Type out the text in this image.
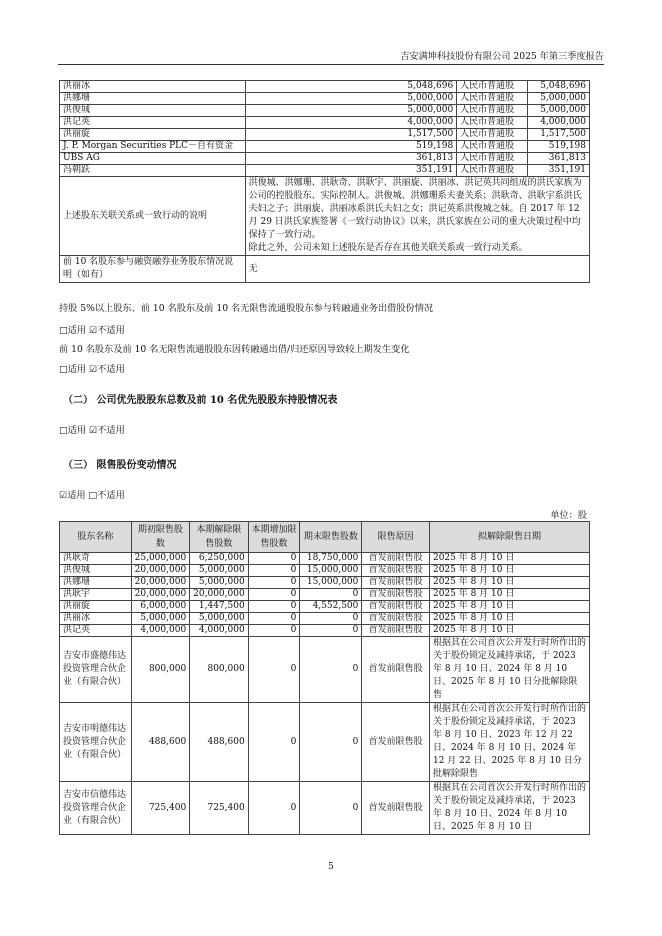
吉安满坤科技股份有限公司 2025 年第三季度报告
洪丽冰	5,048,696	人民币普通股	5,048,696
洪娜珊	5,000,000	人民币普通股	5,000,000
洪俊城	5,000,000	人民币普通股	5,000,000
洪记英	4,000,000	人民币普通股	4,000,000
洪丽旋	1,517,500	人民币普通股	1,517,500
J. P. Morgan Securities PLC－自有资金	519,198	人民币普通股	519,198
UBS AG	361,813	人民币普通股	361,813
冯朝跃	351,191	人民币普通股	351,191
上述股东关联关系或一致行动的说明	洪俊城、洪娜珊、洪耿奇、洪耿宇、洪丽旋、洪丽冰、洪记英共同组成的洪氏家族为公司的控股股东、实际控制人。洪俊城、洪娜珊系夫妻关系；洪耿奇、洪耿宇系洪氏夫妇之子；洪丽旋、洪丽冰系洪氏夫妇之女；洪记英系洪俊城之妹。自 2017 年 12 月 29 日洪氏家族签署《一致行动协议》以来，洪氏家族在公司的重大决策过程中均保持了一致行动。
除此之外，公司未知上述股东是否存在其他关联关系或一致行动关系。		
前 10 名股东参与融资融券业务股东情况说明（如有）	无		
持股 5%以上股东、前 10 名股东及前 10 名无限售流通股股东参与转融通业务出借股份情况
□适用 ☑不适用
前 10 名股东及前 10 名无限售流通股股东因转融通出借/归还原因导致较上期发生变化
□适用 ☑不适用
（二） 公司优先股股东总数及前 10 名优先股股东持股情况表
□适用 ☑不适用
（三） 限售股份变动情况
☑适用 □不适用
单位：股
股东名称	期初限售股数	本期解除限售股数	本期增加限售股数	期末限售股数	限售原因	拟解除限售日期
洪耿奇	25,000,000	6,250,000	0	18,750,000	首发前限售股	2025 年 8 月 10 日
洪俊城	20,000,000	5,000,000	0	15,000,000	首发前限售股	2025 年 8 月 10 日
洪娜珊	20,000,000	5,000,000	0	15,000,000	首发前限售股	2025 年 8 月 10 日
洪耿宇	20,000,000	20,000,000	0	0	首发前限售股	2025 年 8 月 10 日
洪丽旋	6,000,000	1,447,500	0	4,552,500	首发前限售股	2025 年 8 月 10 日
洪丽冰	5,000,000	5,000,000	0	0	首发前限售股	2025 年 8 月 10 日
洪记英	4,000,000	4,000,000	0	0	首发前限售股	2025 年 8 月 10 日
吉安市盛德伟达投资管理合伙企业（有限合伙）	800,000	800,000	0	0	首发前限售股	根据其在公司首次公开发行时所作出的关于股份锁定及减持承诺，于 2023 年 8 月 10 日、2024 年 8 月 10 日、2025 年 8 月 10 日分批解除限售
吉安市明德伟达投资管理合伙企业（有限合伙）	488,600	488,600	0	0	首发前限售股	根据其在公司首次公开发行时所作出的关于股份锁定及减持承诺，于 2023 年 8 月 10 日、2023 年 12 月 22 日、2024 年 8 月 10 日、2024 年 12 月 22 日、2025 年 8 月 10 日分批解除限售
吉安市信德伟达投资管理合伙企业（有限合伙）	725,400	725,400	0	0	首发前限售股	根据其在公司首次公开发行时所作出的关于股份锁定及减持承诺，于 2023 年 8 月 10 日、2024 年 8 月 10 日、2025 年 8 月 10 日
5
